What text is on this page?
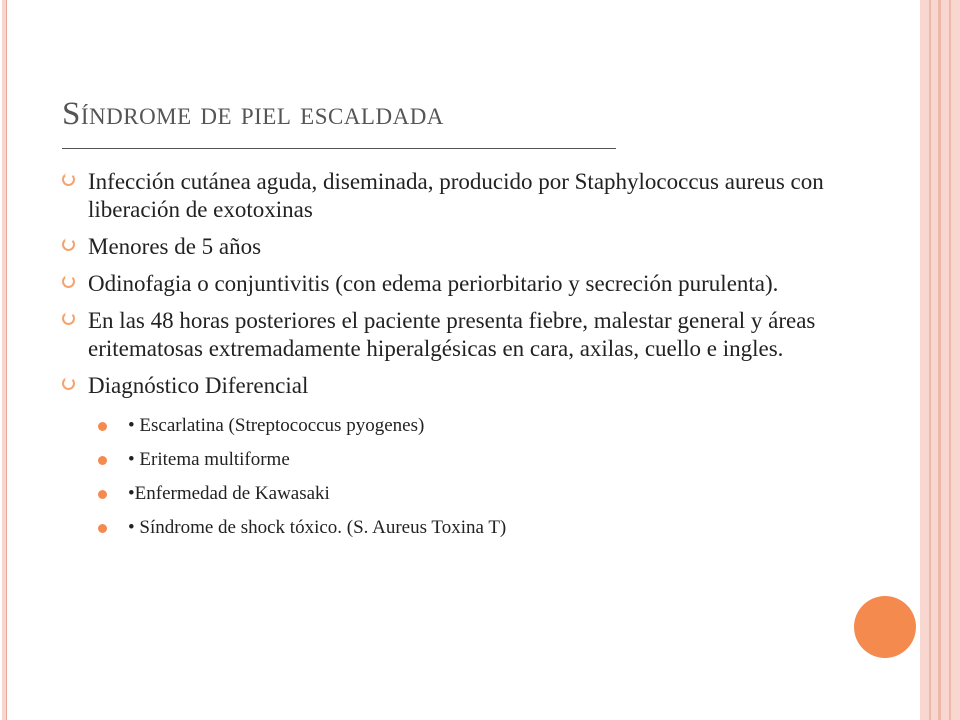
Síndrome de piel escaldada
Infección cutánea aguda, diseminada, producido por Staphylococcus aureus con liberación de exotoxinas
Menores de 5 años
Odinofagia o conjuntivitis (con edema periorbitario y secreción purulenta).
En las 48 horas posteriores el paciente presenta fiebre, malestar general y áreas eritematosas extremadamente hiperalgésicas en cara, axilas, cuello e ingles.
Diagnóstico Diferencial
• Escarlatina (Streptococcus pyogenes)
• Eritema multiforme
•Enfermedad de Kawasaki
• Síndrome de shock tóxico. (S. Aureus Toxina T)
